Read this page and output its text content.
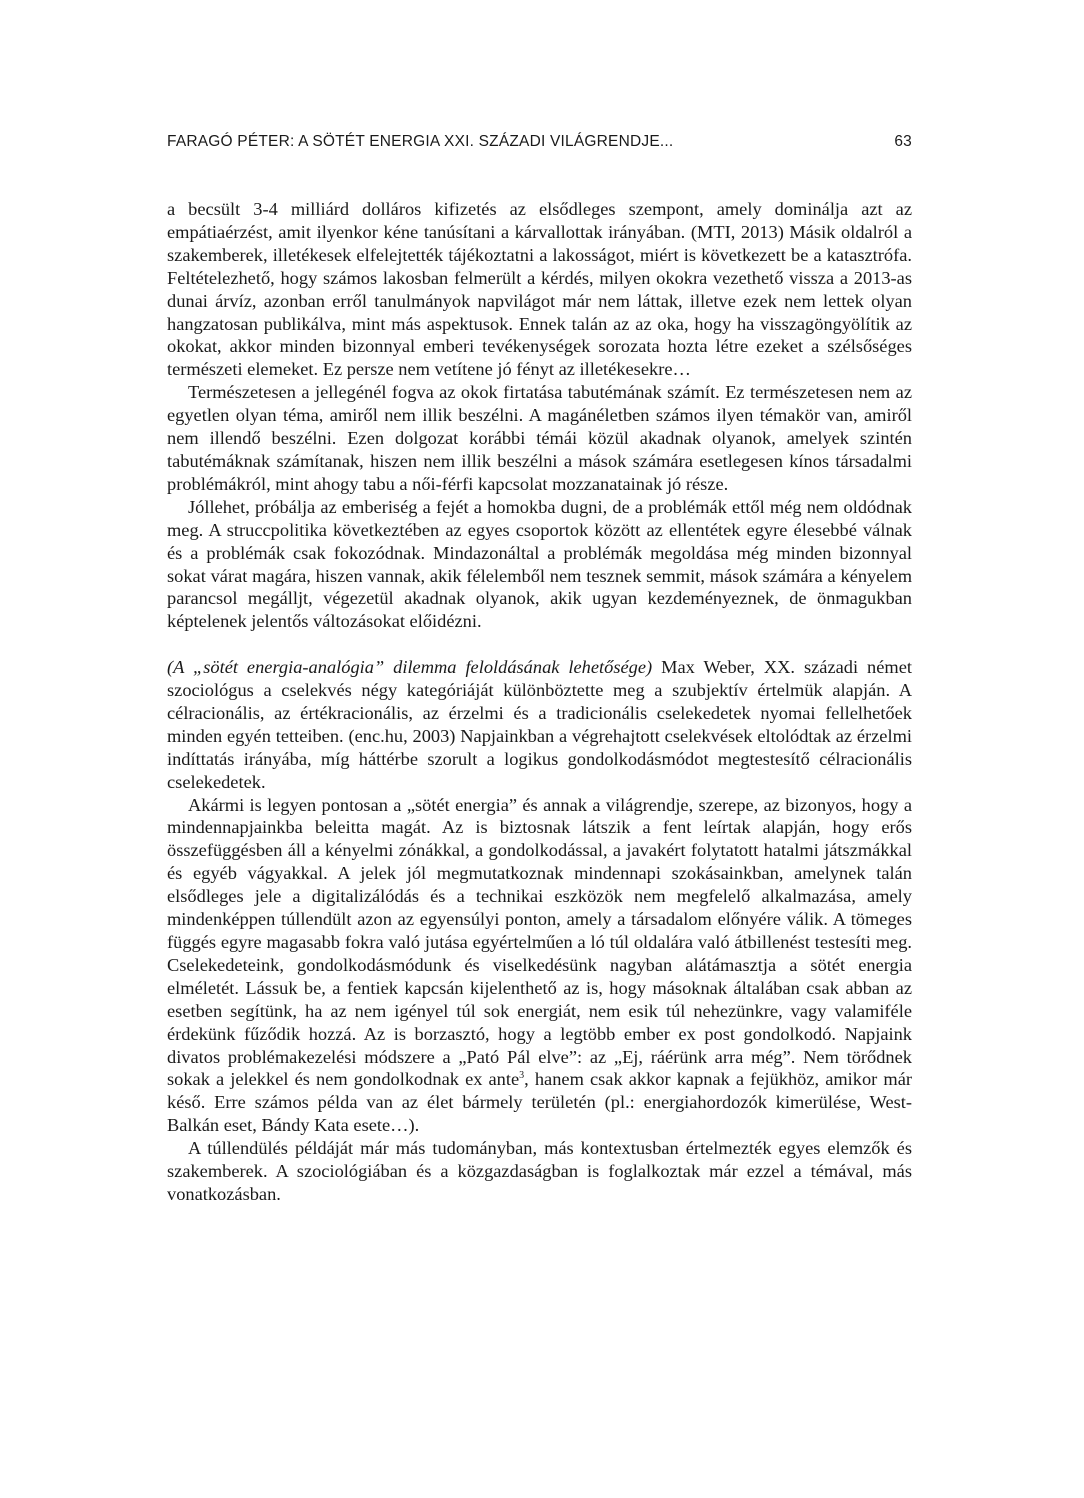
FARAGÓ PÉTER: A SÖTÉT ENERGIA XXI. SZÁZADI VILÁGRENDJE...	63

a becsült 3-4 milliárd dolláros kifizetés az elsődleges szempont, amely dominálja azt az empátiaérzést, amit ilyenkor kéne tanúsítani a kárvallottak irányában. (MTI, 2013) Másik oldalról a szakemberek, illetékesek elfelejtették tájékoztatni a lakosságot, miért is következett be a katasztrófa. Feltételezhető, hogy számos lakosban felmerült a kérdés, milyen okokra vezethető vissza a 2013-as dunai árvíz, azonban erről tanulmányok napvilágot már nem láttak, illetve ezek nem lettek olyan hangzatosan publikálva, mint más aspektusok. Ennek talán az az oka, hogy ha visszagöngyölítik az okokat, akkor minden bizonnyal emberi tevékenységek sorozata hozta létre ezeket a szélsőséges természeti elemeket. Ez persze nem vetítene jó fényt az illetékesekre…

Természetesen a jellegénél fogva az okok firtatása tabutémának számít. Ez természetesen nem az egyetlen olyan téma, amiről nem illik beszélni. A magánéletben számos ilyen témakör van, amiről nem illendő beszélni. Ezen dolgozat korábbi témái közül akadnak olyanok, amelyek szintén tabutémáknak számítanak, hiszen nem illik beszélni a mások számára esetlegesen kínos társadalmi problémákról, mint ahogy tabu a női-férfi kapcsolat mozzanatainak jó része.

Jóllehet, próbálja az emberiség a fejét a homokba dugni, de a problémák ettől még nem oldódnak meg. A struccpolitika következtében az egyes csoportok között az ellentétek egyre élesebbé válnak és a problémák csak fokozódnak. Mindazonáltal a problémák megoldása még minden bizonnyal sokat várat magára, hiszen vannak, akik félelemből nem tesznek semmit, mások számára a kényelem parancsol megálljt, végezetül akadnak olyanok, akik ugyan kezdeményeznek, de önmagukban képtelenek jelentős változásokat előidézni.

(A „sötét energia-analógia” dilemma feloldásának lehetősége) Max Weber, XX. századi német szociológus a cselekvés négy kategóriáját különböztette meg a szubjektív értelmük alapján. A célracionális, az értékracionális, az érzelmi és a tradicionális cselekedetek nyomai fellelhetőek minden egyén tetteiben. (enc.hu, 2003) Napjainkban a végrehajtott cselekvések eltolódtak az érzelmi indíttatás irányába, míg háttérbe szorult a logikus gondolkodásmódot megtestesítő célracionális cselekedetek.

Akármi is legyen pontosan a „sötét energia” és annak a világrendje, szerepe, az bizonyos, hogy a mindennapjainkba beleitta magát. Az is biztosnak látszik a fent leírtak alapján, hogy erős összefüggésben áll a kényelmi zónákkal, a gondolkodással, a javakért folytatott hatalmi játszmákkal és egyéb vágyakkal. A jelek jól megmutatkoznak mindennapi szokásainkban, amelynek talán elsődleges jele a digitalizálódás és a technikai eszközök nem megfelelő alkalmazása, amely mindenképpen túllendült azon az egyensúlyi ponton, amely a társadalom előnyére válik. A tömeges függés egyre magasabb fokra való jutása egyértelműen a ló túl oldalára való átbillenést testesíti meg. Cselekedeteink, gondolkodásmódunk és viselkedésünk nagyban alátámasztja a sötét energia elméletét. Lássuk be, a fentiek kapcsán kijelenthető az is, hogy másoknak általában csak abban az esetben segítünk, ha az nem igényel túl sok energiát, nem esik túl nehezünkre, vagy valamiféle érdekünk fűződik hozzá. Az is borzasztó, hogy a legtöbb ember ex post gondolkodó. Napjaink divatos problémakezelési módszere a „Pató Pál elve”: az „Ej, ráérünk arra még”. Nem törődnek sokak a jelekkel és nem gondolkodnak ex ante$^3$, hanem csak akkor kapnak a fejükhöz, amikor már késő. Erre számos példa van az élet bármely területén (pl.: energiahordozók kimerülése, West-Balkán eset, Bándy Kata esete…).

A túllendülés példáját már más tudományban, más kontextusban értelmezték egyes elemzők és szakemberek. A szociológiában és a közgazdaságban is foglalkoztak már ezzel a témával, más vonatkozásban.
